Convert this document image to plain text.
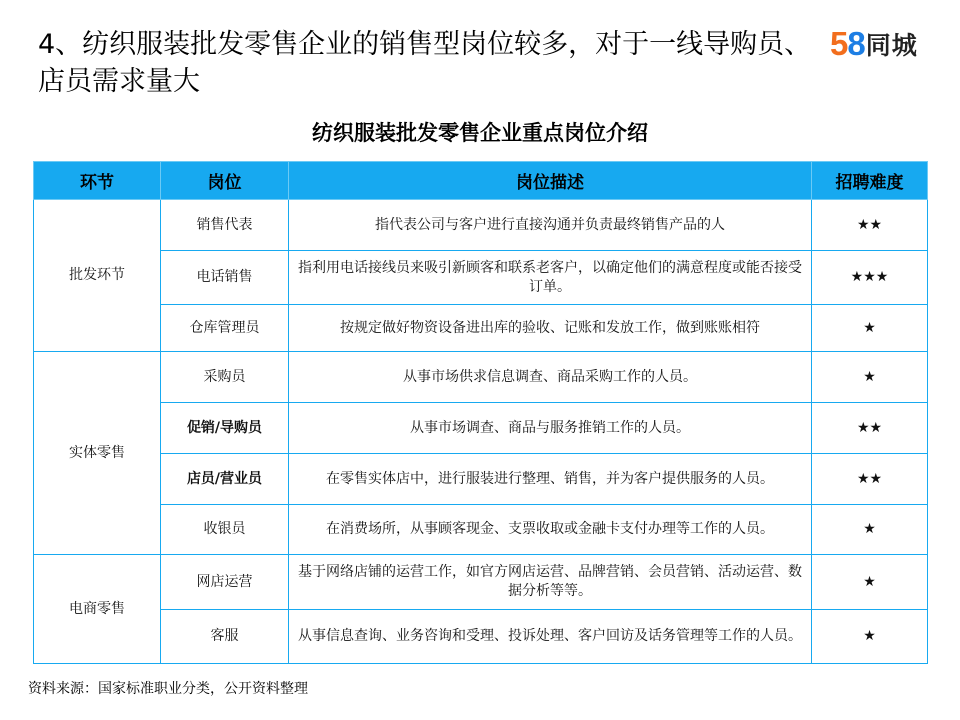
4、纺织服装批发零售企业的销售型岗位较多，对于一线导购员、店员需求量大
5 8 同城
纺织服装批发零售企业重点岗位介绍
环节	岗位	岗位描述	招聘难度
批发环节	销售代表	指代表公司与客户进行直接沟通并负责最终销售产品的人	★★
	电话销售	指利用电话接线员来吸引新顾客和联系老客户，以确定他们的满意程度或能否接受订单。	★★★
	仓库管理员	按规定做好物资设备进出库的验收、记账和发放工作，做到账账相符	★
实体零售	采购员	从事市场供求信息调查、商品采购工作的人员。	★
	促销/导购员	从事市场调查、商品与服务推销工作的人员。	★★
	店员/营业员	在零售实体店中，进行服装进行整理、销售，并为客户提供服务的人员。	★★
	收银员	在消费场所，从事顾客现金、支票收取或金融卡支付办理等工作的人员。	★
电商零售	网店运营	基于网络店铺的运营工作，如官方网店运营、品牌营销、会员营销、活动运营、数据分析等等。	★
	客服	从事信息查询、业务咨询和受理、投诉处理、客户回访及话务管理等工作的人员。	★
资料来源：国家标准职业分类，公开资料整理
